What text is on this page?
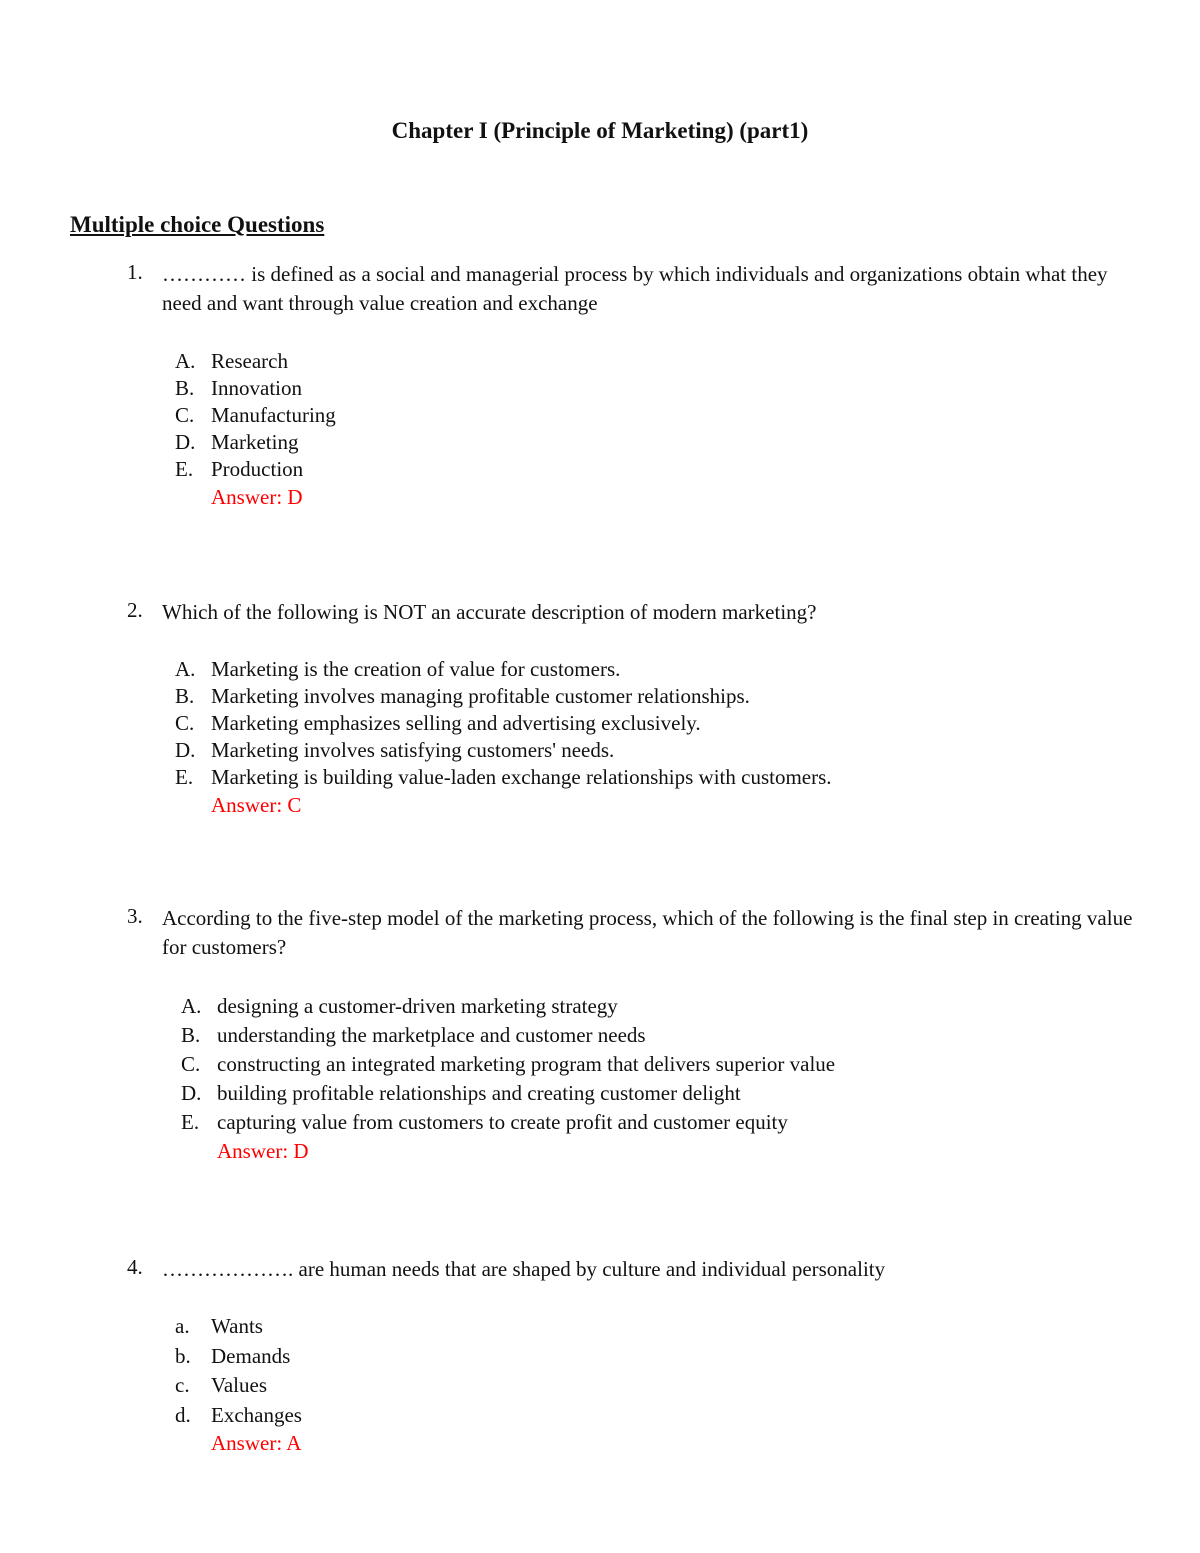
Chapter I (Principle of Marketing) (part1)
Multiple choice Questions
1. ………… is defined as a social and managerial process by which individuals and organizations obtain what they need and want through value creation and exchange
A. Research
B. Innovation
C. Manufacturing
D. Marketing
E. Production
Answer: D
2. Which of the following is NOT an accurate description of modern marketing?
A. Marketing is the creation of value for customers.
B. Marketing involves managing profitable customer relationships.
C. Marketing emphasizes selling and advertising exclusively.
D. Marketing involves satisfying customers' needs.
E. Marketing is building value-laden exchange relationships with customers.
Answer: C
3. According to the five-step model of the marketing process, which of the following is the final step in creating value for customers?
A. designing a customer-driven marketing strategy
B. understanding the marketplace and customer needs
C. constructing an integrated marketing program that delivers superior value
D. building profitable relationships and creating customer delight
E. capturing value from customers to create profit and customer equity
Answer: D
4. ………………. are human needs that are shaped by culture and individual personality
a. Wants
b. Demands
c. Values
d. Exchanges
Answer: A
